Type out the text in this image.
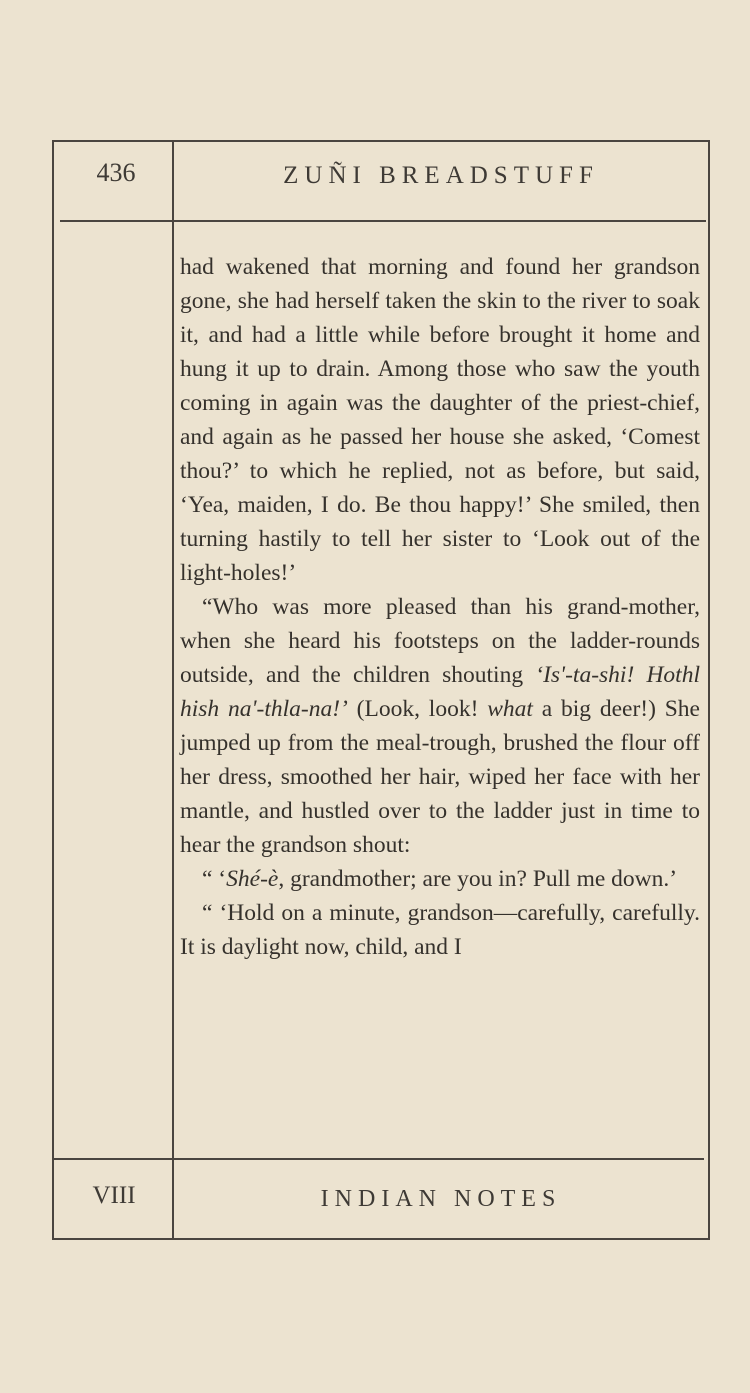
436	ZUÑI BREADSTUFF

had wakened that morning and found her grandson gone, she had herself taken the skin to the river to soak it, and had a little while before brought it home and hung it up to drain. Among those who saw the youth coming in again was the daughter of the priest-chief, and again as he passed her house she asked, ‘Comest thou?’ to which he replied, not as before, but said, ‘Yea, maiden, I do. Be thou happy!’ She smiled, then turning hastily to tell her sister to ‘Look out of the light-holes!’

“Who was more pleased than his grand-mother, when she heard his footsteps on the ladder-rounds outside, and the children shouting ‘Is'-ta-shi! Hothl hish na'-thla-na!’ (Look, look! what a big deer!) She jumped up from the meal-trough, brushed the flour off her dress, smoothed her hair, wiped her face with her mantle, and hustled over to the ladder just in time to hear the grandson shout:

“ ‘Shé-è, grandmother; are you in? Pull me down.’

“ ‘Hold on a minute, grandson—carefully, carefully. It is daylight now, child, and I

VIII	INDIAN NOTES
